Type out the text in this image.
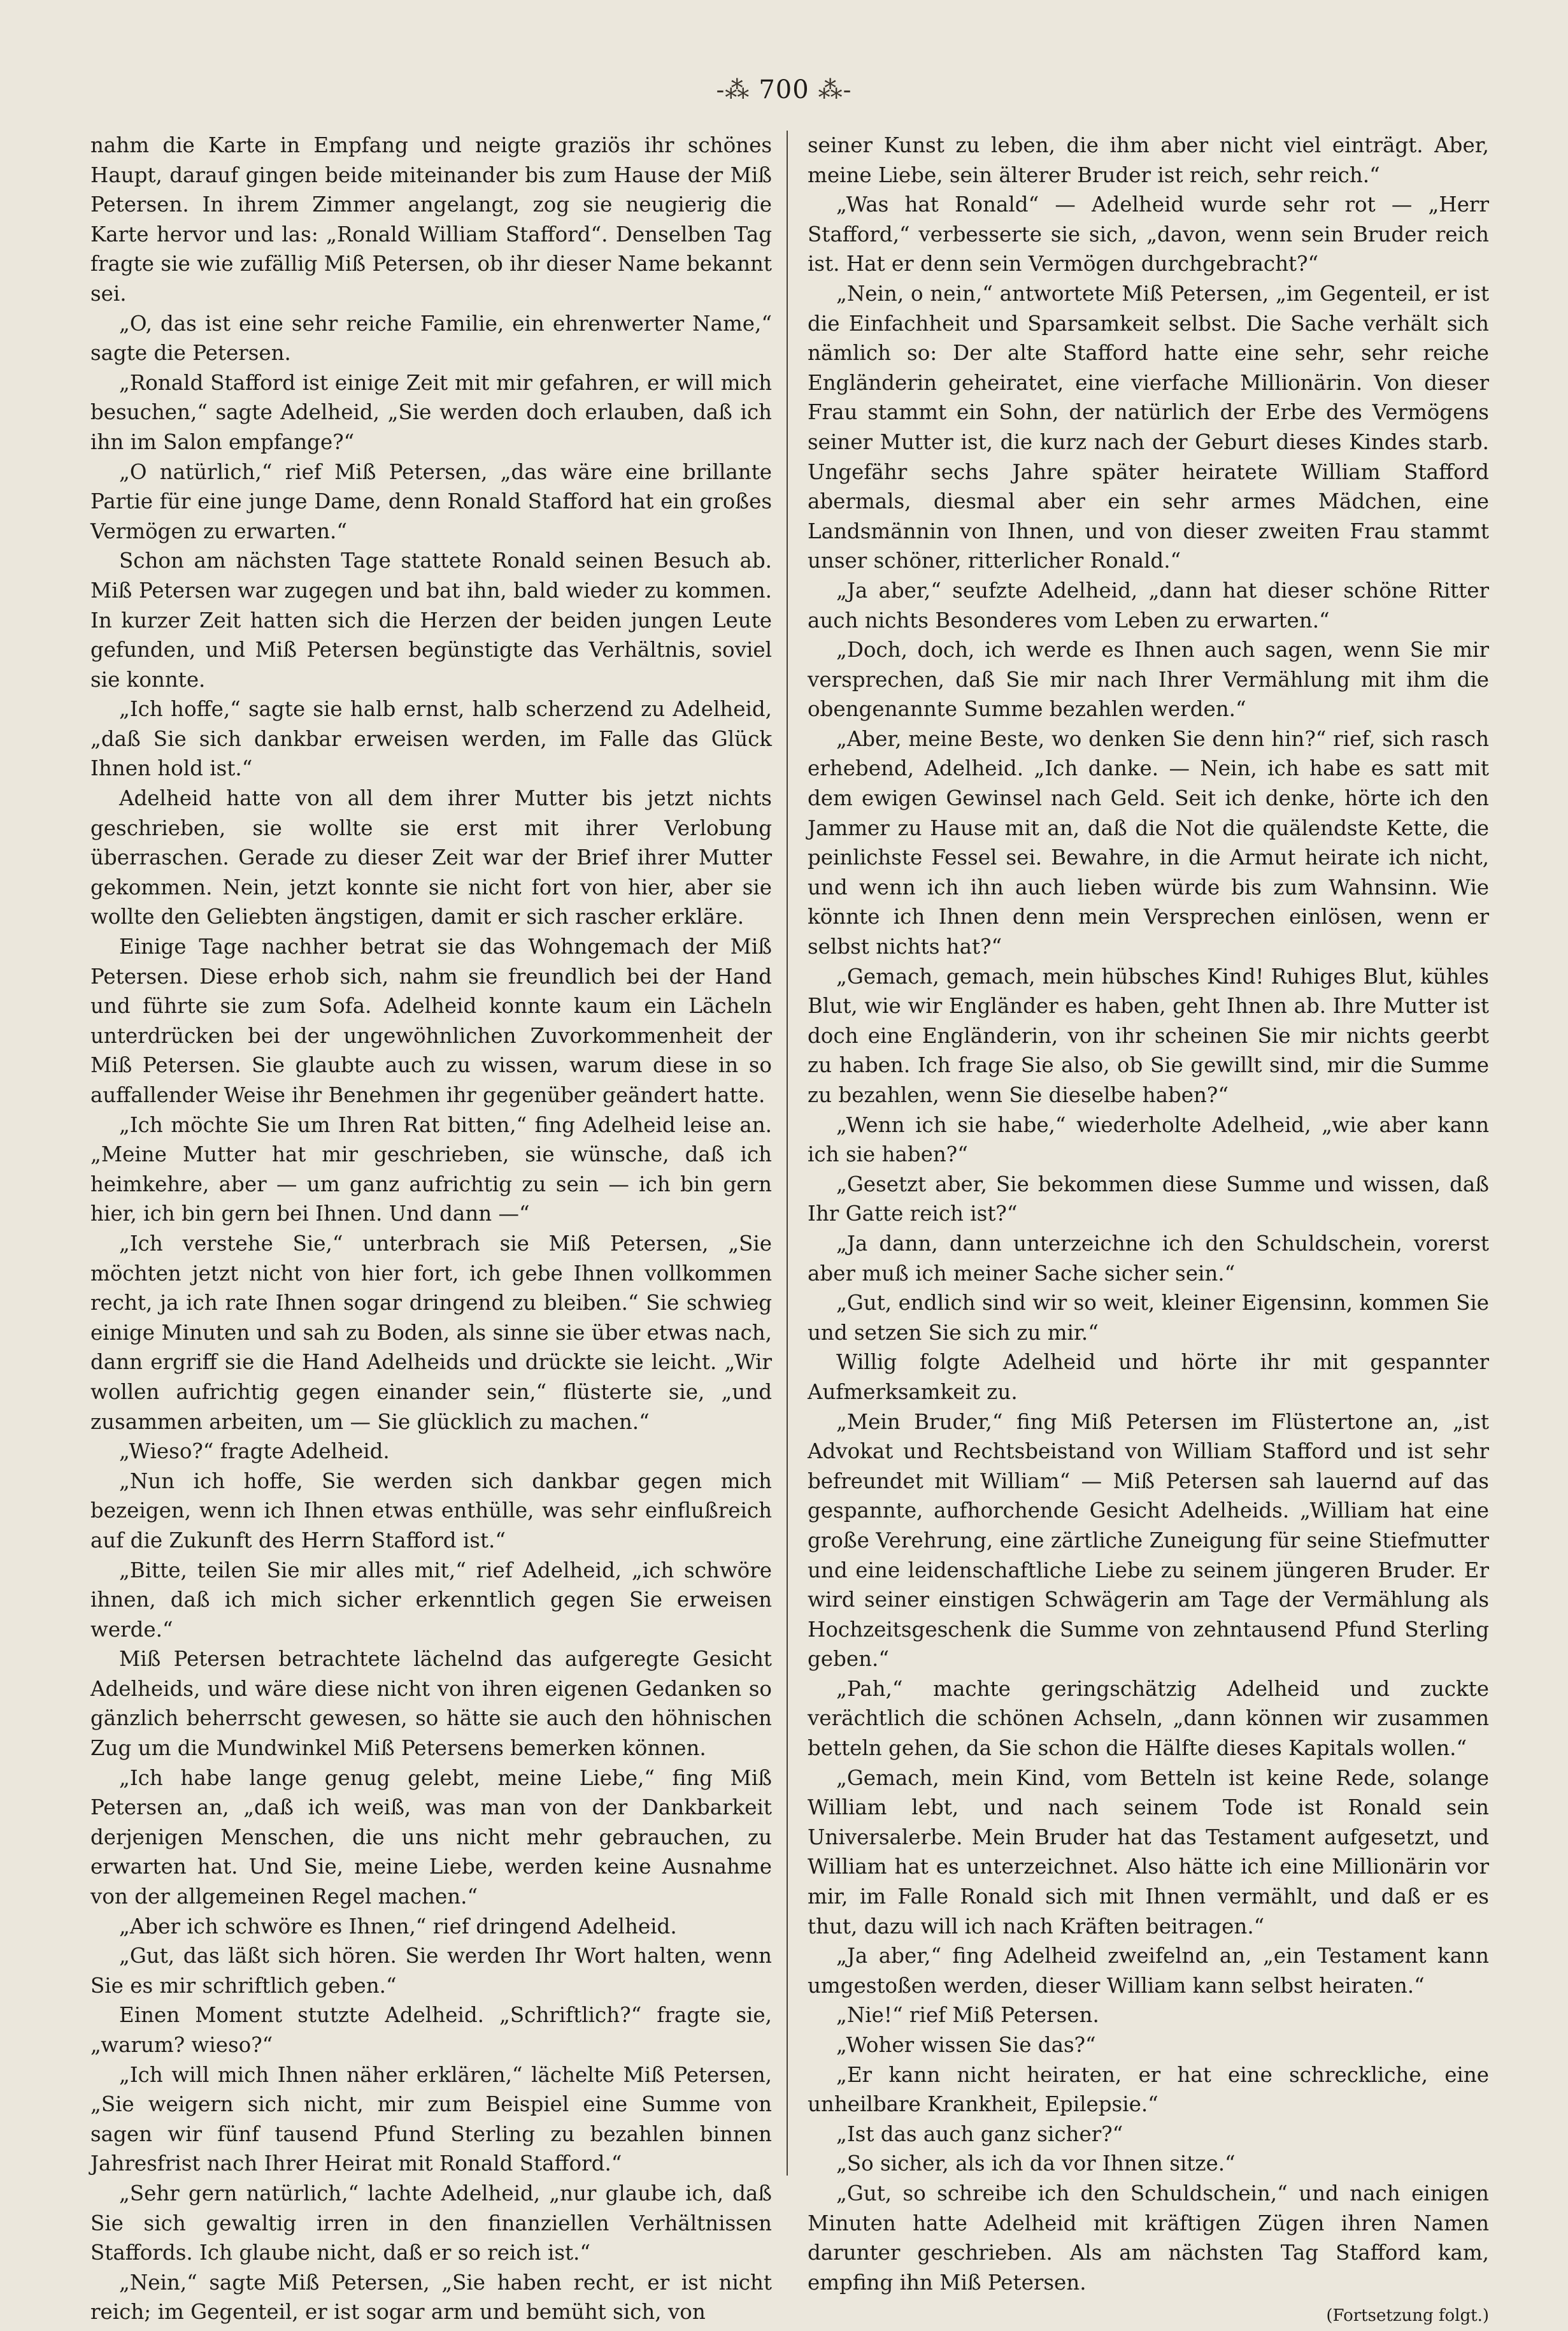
-⁂ 700 ⁂-

nahm die Karte in Empfang und neigte graziös ihr schönes Haupt, darauf gingen beide miteinander bis zum Hause der Miß Petersen. In ihrem Zimmer angelangt, zog sie neugierig die Karte hervor und las: „Ronald William Stafford“. Denselben Tag fragte sie wie zufällig Miß Petersen, ob ihr dieser Name bekannt sei.

„O, das ist eine sehr reiche Familie, ein ehrenwerter Name,“ sagte die Petersen.

„Ronald Stafford ist einige Zeit mit mir gefahren, er will mich besuchen,“ sagte Adelheid, „Sie werden doch erlauben, daß ich ihn im Salon empfange?“

„O natürlich,“ rief Miß Petersen, „das wäre eine brillante Partie für eine junge Dame, denn Ronald Stafford hat ein großes Vermögen zu erwarten.“

Schon am nächsten Tage stattete Ronald seinen Besuch ab. Miß Petersen war zugegen und bat ihn, bald wieder zu kommen. In kurzer Zeit hatten sich die Herzen der beiden jungen Leute gefunden, und Miß Petersen begünstigte das Verhältnis, soviel sie konnte.

„Ich hoffe,“ sagte sie halb ernst, halb scherzend zu Adelheid, „daß Sie sich dankbar erweisen werden, im Falle das Glück Ihnen hold ist.“

Adelheid hatte von all dem ihrer Mutter bis jetzt nichts geschrieben, sie wollte sie erst mit ihrer Verlobung überraschen. Gerade zu dieser Zeit war der Brief ihrer Mutter gekommen. Nein, jetzt konnte sie nicht fort von hier, aber sie wollte den Geliebten ängstigen, damit er sich rascher erkläre.

Einige Tage nachher betrat sie das Wohngemach der Miß Petersen. Diese erhob sich, nahm sie freundlich bei der Hand und führte sie zum Sofa. Adelheid konnte kaum ein Lächeln unterdrücken bei der ungewöhnlichen Zuvorkommenheit der Miß Petersen. Sie glaubte auch zu wissen, warum diese in so auffallender Weise ihr Benehmen ihr gegenüber geändert hatte.

„Ich möchte Sie um Ihren Rat bitten,“ fing Adelheid leise an. „Meine Mutter hat mir geschrieben, sie wünsche, daß ich heimkehre, aber — um ganz aufrichtig zu sein — ich bin gern hier, ich bin gern bei Ihnen. Und dann —“

„Ich verstehe Sie,“ unterbrach sie Miß Petersen, „Sie möchten jetzt nicht von hier fort, ich gebe Ihnen vollkommen recht, ja ich rate Ihnen sogar dringend zu bleiben.“ Sie schwieg einige Minuten und sah zu Boden, als sinne sie über etwas nach, dann ergriff sie die Hand Adelheids und drückte sie leicht. „Wir wollen aufrichtig gegen einander sein,“ flüsterte sie, „und zusammen arbeiten, um — Sie glücklich zu machen.“

„Wieso?“ fragte Adelheid.

„Nun ich hoffe, Sie werden sich dankbar gegen mich bezeigen, wenn ich Ihnen etwas enthülle, was sehr einflußreich auf die Zukunft des Herrn Stafford ist.“

„Bitte, teilen Sie mir alles mit,“ rief Adelheid, „ich schwöre ihnen, daß ich mich sicher erkenntlich gegen Sie erweisen werde.“

Miß Petersen betrachtete lächelnd das aufgeregte Gesicht Adelheids, und wäre diese nicht von ihren eigenen Gedanken so gänzlich beherrscht gewesen, so hätte sie auch den höhnischen Zug um die Mundwinkel Miß Petersens bemerken können.

„Ich habe lange genug gelebt, meine Liebe,“ fing Miß Petersen an, „daß ich weiß, was man von der Dankbarkeit derjenigen Menschen, die uns nicht mehr gebrauchen, zu erwarten hat. Und Sie, meine Liebe, werden keine Ausnahme von der allgemeinen Regel machen.“

„Aber ich schwöre es Ihnen,“ rief dringend Adelheid.

„Gut, das läßt sich hören. Sie werden Ihr Wort halten, wenn Sie es mir schriftlich geben.“

Einen Moment stutzte Adelheid. „Schriftlich?“ fragte sie, „warum? wieso?“

„Ich will mich Ihnen näher erklären,“ lächelte Miß Petersen, „Sie weigern sich nicht, mir zum Beispiel eine Summe von sagen wir fünf tausend Pfund Sterling zu bezahlen binnen Jahresfrist nach Ihrer Heirat mit Ronald Stafford.“

„Sehr gern natürlich,“ lachte Adelheid, „nur glaube ich, daß Sie sich gewaltig irren in den finanziellen Verhältnissen Staffords. Ich glaube nicht, daß er so reich ist.“

„Nein,“ sagte Miß Petersen, „Sie haben recht, er ist nicht reich; im Gegenteil, er ist sogar arm und bemüht sich, von

seiner Kunst zu leben, die ihm aber nicht viel einträgt. Aber, meine Liebe, sein älterer Bruder ist reich, sehr reich.“

„Was hat Ronald“ — Adelheid wurde sehr rot — „Herr Stafford,“ verbesserte sie sich, „davon, wenn sein Bruder reich ist. Hat er denn sein Vermögen durchgebracht?“

„Nein, o nein,“ antwortete Miß Petersen, „im Gegenteil, er ist die Einfachheit und Sparsamkeit selbst. Die Sache verhält sich nämlich so: Der alte Stafford hatte eine sehr, sehr reiche Engländerin geheiratet, eine vierfache Millionärin. Von dieser Frau stammt ein Sohn, der natürlich der Erbe des Vermögens seiner Mutter ist, die kurz nach der Geburt dieses Kindes starb. Ungefähr sechs Jahre später heiratete William Stafford abermals, diesmal aber ein sehr armes Mädchen, eine Landsmännin von Ihnen, und von dieser zweiten Frau stammt unser schöner, ritterlicher Ronald.“

„Ja aber,“ seufzte Adelheid, „dann hat dieser schöne Ritter auch nichts Besonderes vom Leben zu erwarten.“

„Doch, doch, ich werde es Ihnen auch sagen, wenn Sie mir versprechen, daß Sie mir nach Ihrer Vermählung mit ihm die obengenannte Summe bezahlen werden.“

„Aber, meine Beste, wo denken Sie denn hin?“ rief, sich rasch erhebend, Adelheid. „Ich danke. — Nein, ich habe es satt mit dem ewigen Gewinsel nach Geld. Seit ich denke, hörte ich den Jammer zu Hause mit an, daß die Not die quälendste Kette, die peinlichste Fessel sei. Bewahre, in die Armut heirate ich nicht, und wenn ich ihn auch lieben würde bis zum Wahnsinn. Wie könnte ich Ihnen denn mein Versprechen einlösen, wenn er selbst nichts hat?“

„Gemach, gemach, mein hübsches Kind! Ruhiges Blut, kühles Blut, wie wir Engländer es haben, geht Ihnen ab. Ihre Mutter ist doch eine Engländerin, von ihr scheinen Sie mir nichts geerbt zu haben. Ich frage Sie also, ob Sie gewillt sind, mir die Summe zu bezahlen, wenn Sie dieselbe haben?“

„Wenn ich sie habe,“ wiederholte Adelheid, „wie aber kann ich sie haben?“

„Gesetzt aber, Sie bekommen diese Summe und wissen, daß Ihr Gatte reich ist?“

„Ja dann, dann unterzeichne ich den Schuldschein, vorerst aber muß ich meiner Sache sicher sein.“

„Gut, endlich sind wir so weit, kleiner Eigensinn, kommen Sie und setzen Sie sich zu mir.“

Willig folgte Adelheid und hörte ihr mit gespannter Aufmerksamkeit zu.

„Mein Bruder,“ fing Miß Petersen im Flüstertone an, „ist Advokat und Rechtsbeistand von William Stafford und ist sehr befreundet mit William“ — Miß Petersen sah lauernd auf das gespannte, aufhorchende Gesicht Adelheids. „William hat eine große Verehrung, eine zärtliche Zuneigung für seine Stiefmutter und eine leidenschaftliche Liebe zu seinem jüngeren Bruder. Er wird seiner einstigen Schwägerin am Tage der Vermählung als Hochzeitsgeschenk die Summe von zehntausend Pfund Sterling geben.“

„Pah,“ machte geringschätzig Adelheid und zuckte verächtlich die schönen Achseln, „dann können wir zusammen betteln gehen, da Sie schon die Hälfte dieses Kapitals wollen.“

„Gemach, mein Kind, vom Betteln ist keine Rede, solange William lebt, und nach seinem Tode ist Ronald sein Universalerbe. Mein Bruder hat das Testament aufgesetzt, und William hat es unterzeichnet. Also hätte ich eine Millionärin vor mir, im Falle Ronald sich mit Ihnen vermählt, und daß er es thut, dazu will ich nach Kräften beitragen.“

„Ja aber,“ fing Adelheid zweifelnd an, „ein Testament kann umgestoßen werden, dieser William kann selbst heiraten.“

„Nie!“ rief Miß Petersen.

„Woher wissen Sie das?“

„Er kann nicht heiraten, er hat eine schreckliche, eine unheilbare Krankheit, Epilepsie.“

„Ist das auch ganz sicher?“

„So sicher, als ich da vor Ihnen sitze.“

„Gut, so schreibe ich den Schuldschein,“ und nach einigen Minuten hatte Adelheid mit kräftigen Zügen ihren Namen darunter geschrieben. Als am nächsten Tag Stafford kam, empfing ihn Miß Petersen.

(Fortsetzung folgt.)
